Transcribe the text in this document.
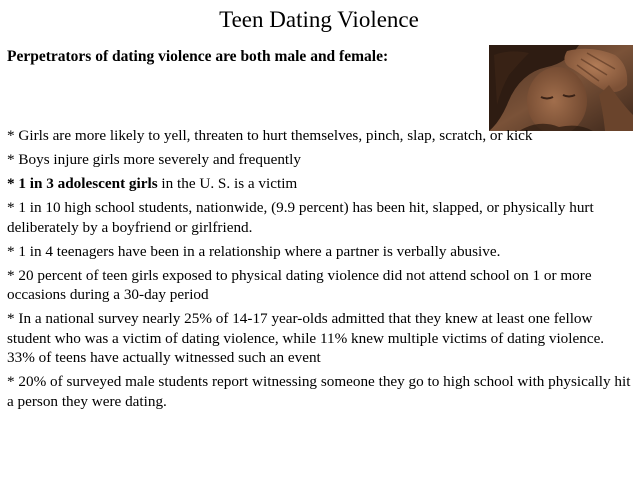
Teen Dating Violence

Perpetrators of dating violence are both male and female:

* Girls are more likely to yell, threaten to hurt themselves, pinch, slap, scratch, or kick
* Boys injure girls more severely and frequently
* 1 in 3 adolescent girls in the U. S. is a victim
* 1 in 10 high school students, nationwide, (9.9 percent) has been hit, slapped, or physically hurt deliberately by a boyfriend or girlfriend.
* 1 in 4 teenagers have been in a relationship where a partner is verbally abusive.
* 20 percent of teen girls exposed to physical dating violence did not attend school on 1 or more occasions during a 30-day period
* In a national survey nearly 25% of 14-17 year-olds admitted that they knew at least one fellow student who was a victim of dating violence, while 11% knew multiple victims of dating violence. 33% of teens have actually witnessed such an event
* 20% of surveyed male students report witnessing someone they go to high school with physically hit a person they were dating.
